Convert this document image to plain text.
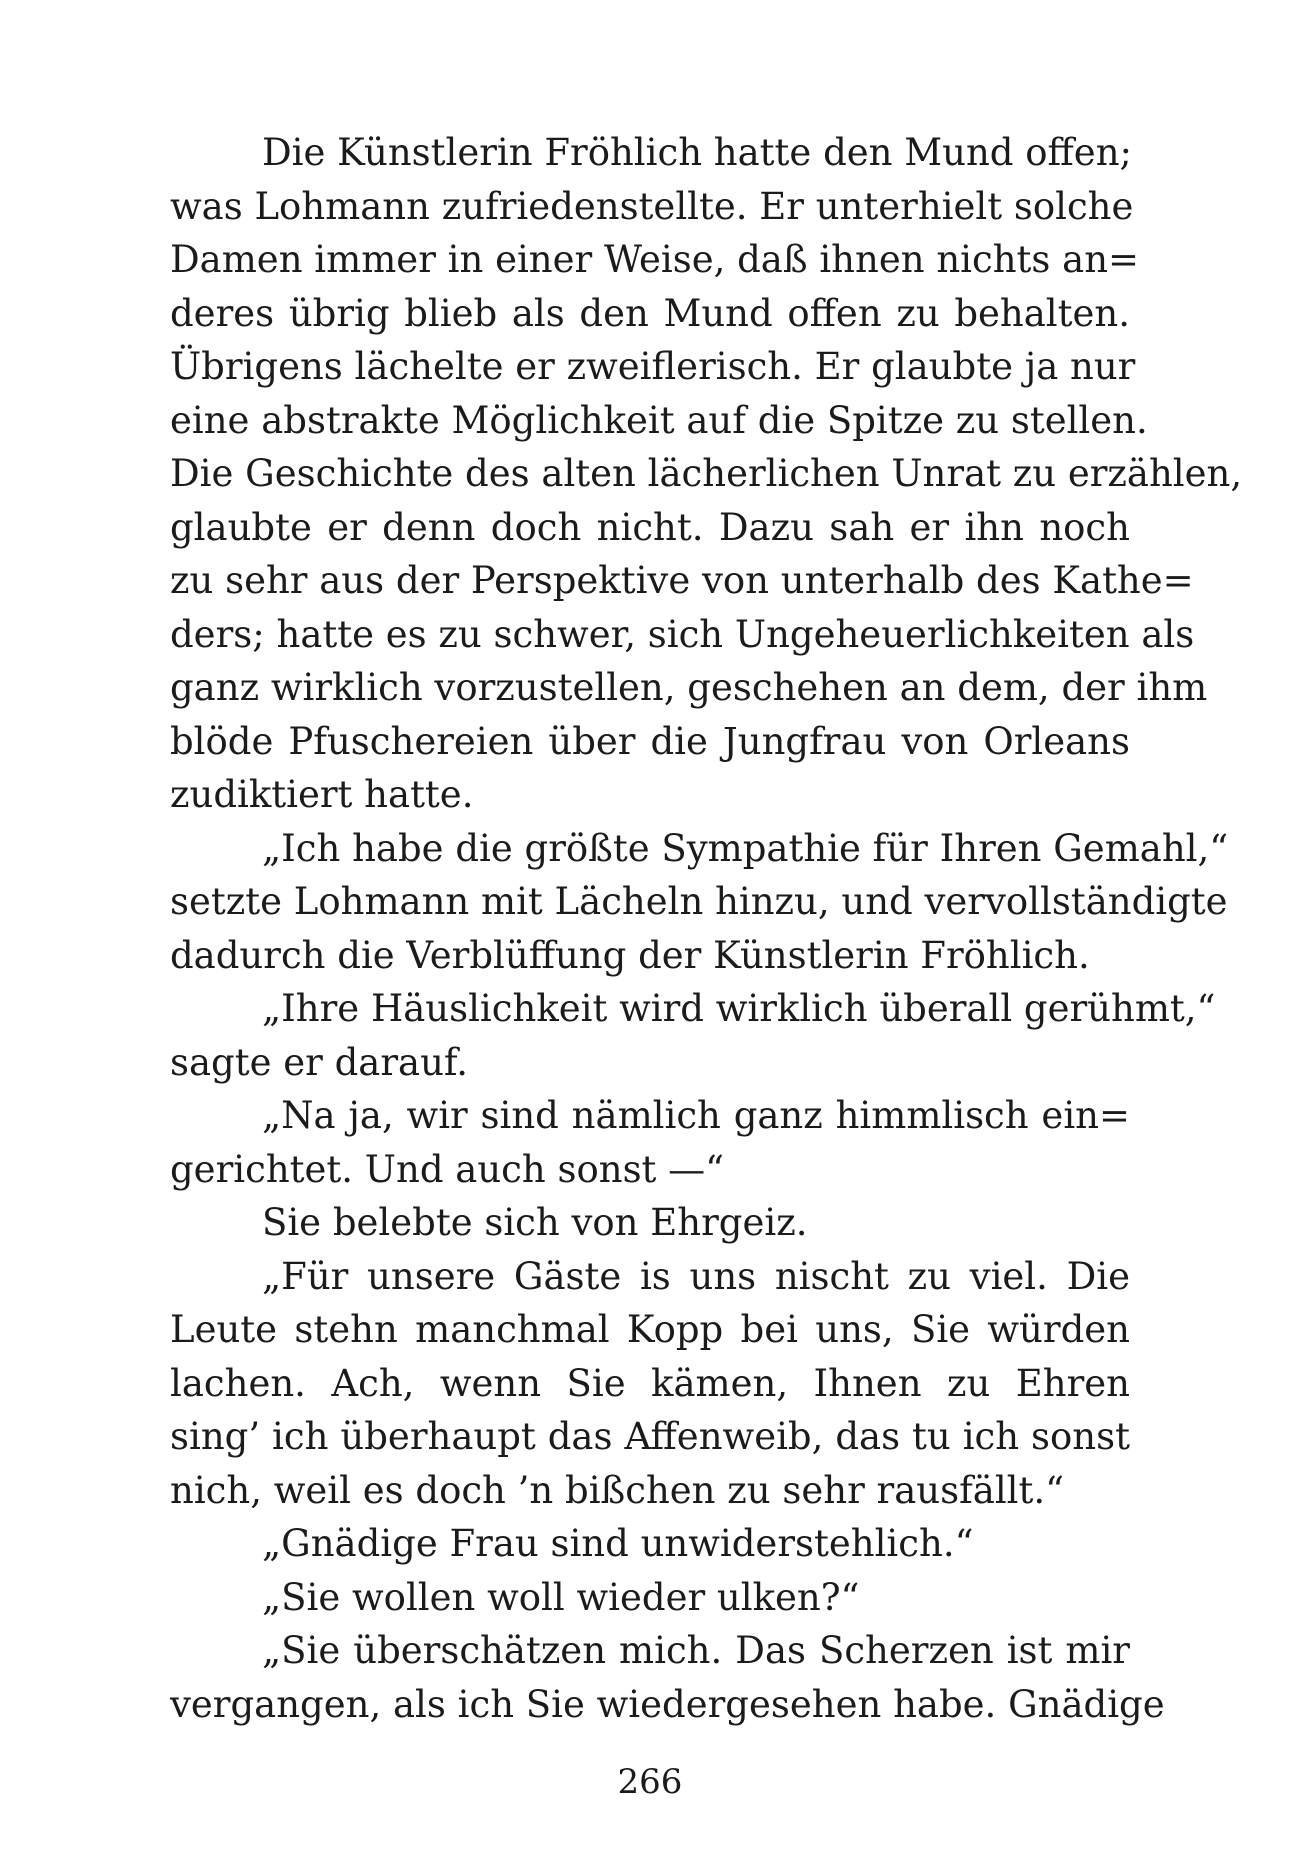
Die Künstlerin Fröhlich hatte den Mund offen;
was Lohmann zufriedenstellte. Er unterhielt solche
Damen immer in einer Weise, daß ihnen nichts an=
deres übrig blieb als den Mund offen zu behalten.
Übrigens lächelte er zweiflerisch. Er glaubte ja nur
eine abstrakte Möglichkeit auf die Spitze zu stellen.
Die Geschichte des alten lächerlichen Unrat zu erzählen,
glaubte er denn doch nicht. Dazu sah er ihn noch
zu sehr aus der Perspektive von unterhalb des Kathe=
ders; hatte es zu schwer, sich Ungeheuerlichkeiten als
ganz wirklich vorzustellen, geschehen an dem, der ihm
blöde Pfuschereien über die Jungfrau von Orleans
zudiktiert hatte.
„Ich habe die größte Sympathie für Ihren Gemahl,“
setzte Lohmann mit Lächeln hinzu, und vervollständigte
dadurch die Verblüffung der Künstlerin Fröhlich.
„Ihre Häuslichkeit wird wirklich überall gerühmt,“
sagte er darauf.
„Na ja, wir sind nämlich ganz himmlisch ein=
gerichtet. Und auch sonst —“
Sie belebte sich von Ehrgeiz.
„Für unsere Gäste is uns nischt zu viel. Die
Leute stehn manchmal Kopp bei uns, Sie würden
lachen. Ach, wenn Sie kämen, Ihnen zu Ehren
sing’ ich überhaupt das Affenweib, das tu ich sonst
nich, weil es doch ’n bißchen zu sehr rausfällt.“
„Gnädige Frau sind unwiderstehlich.“
„Sie wollen woll wieder ulken?“
„Sie überschätzen mich. Das Scherzen ist mir
vergangen, als ich Sie wiedergesehen habe. Gnädige
266
